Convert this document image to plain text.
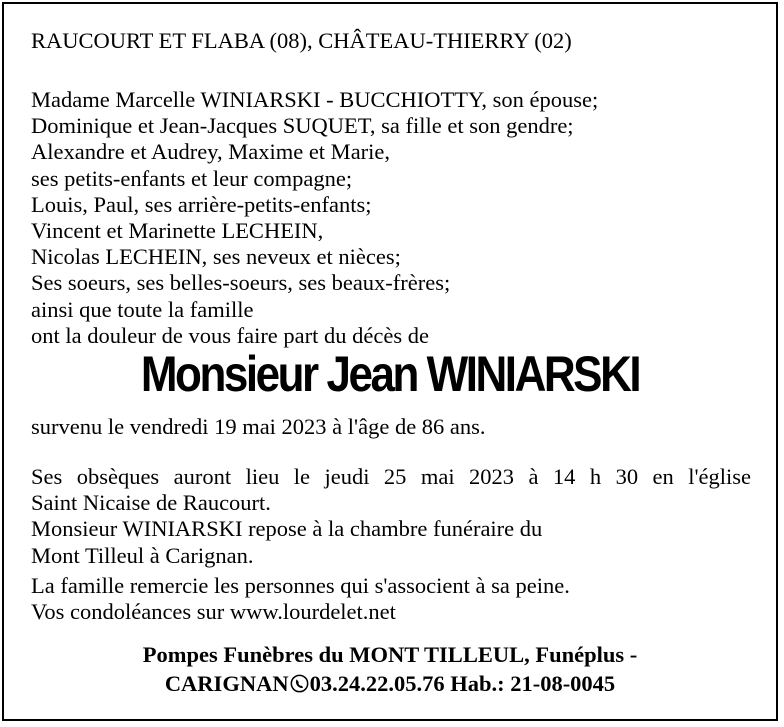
RAUCOURT ET FLABA (08), CHÂTEAU-THIERRY (02)
Madame Marcelle WINIARSKI - BUCCHIOTTY, son épouse;
Dominique et Jean-Jacques SUQUET, sa fille et son gendre;
Alexandre et Audrey, Maxime et Marie,
ses petits-enfants et leur compagne;
Louis, Paul, ses arrière-petits-enfants;
Vincent et Marinette LECHEIN,
Nicolas LECHEIN, ses neveux et nièces;
Ses soeurs, ses belles-soeurs, ses beaux-frères;
ainsi que toute la famille
ont la douleur de vous faire part du décès de
Monsieur Jean WINIARSKI
survenu le vendredi 19 mai 2023 à l'âge de 86 ans.
Ses obsèques auront lieu le jeudi 25 mai 2023 à 14 h 30 en l'église
Saint Nicaise de Raucourt.
Monsieur WINIARSKI repose à la chambre funéraire du
Mont Tilleul à Carignan.
La famille remercie les personnes qui s'associent à sa peine.
Vos condoléances sur www.lourdelet.net
Pompes Funèbres du MONT TILLEUL, Funéplus -
CARIGNAN 03.24.22.05.76 Hab.: 21-08-0045
